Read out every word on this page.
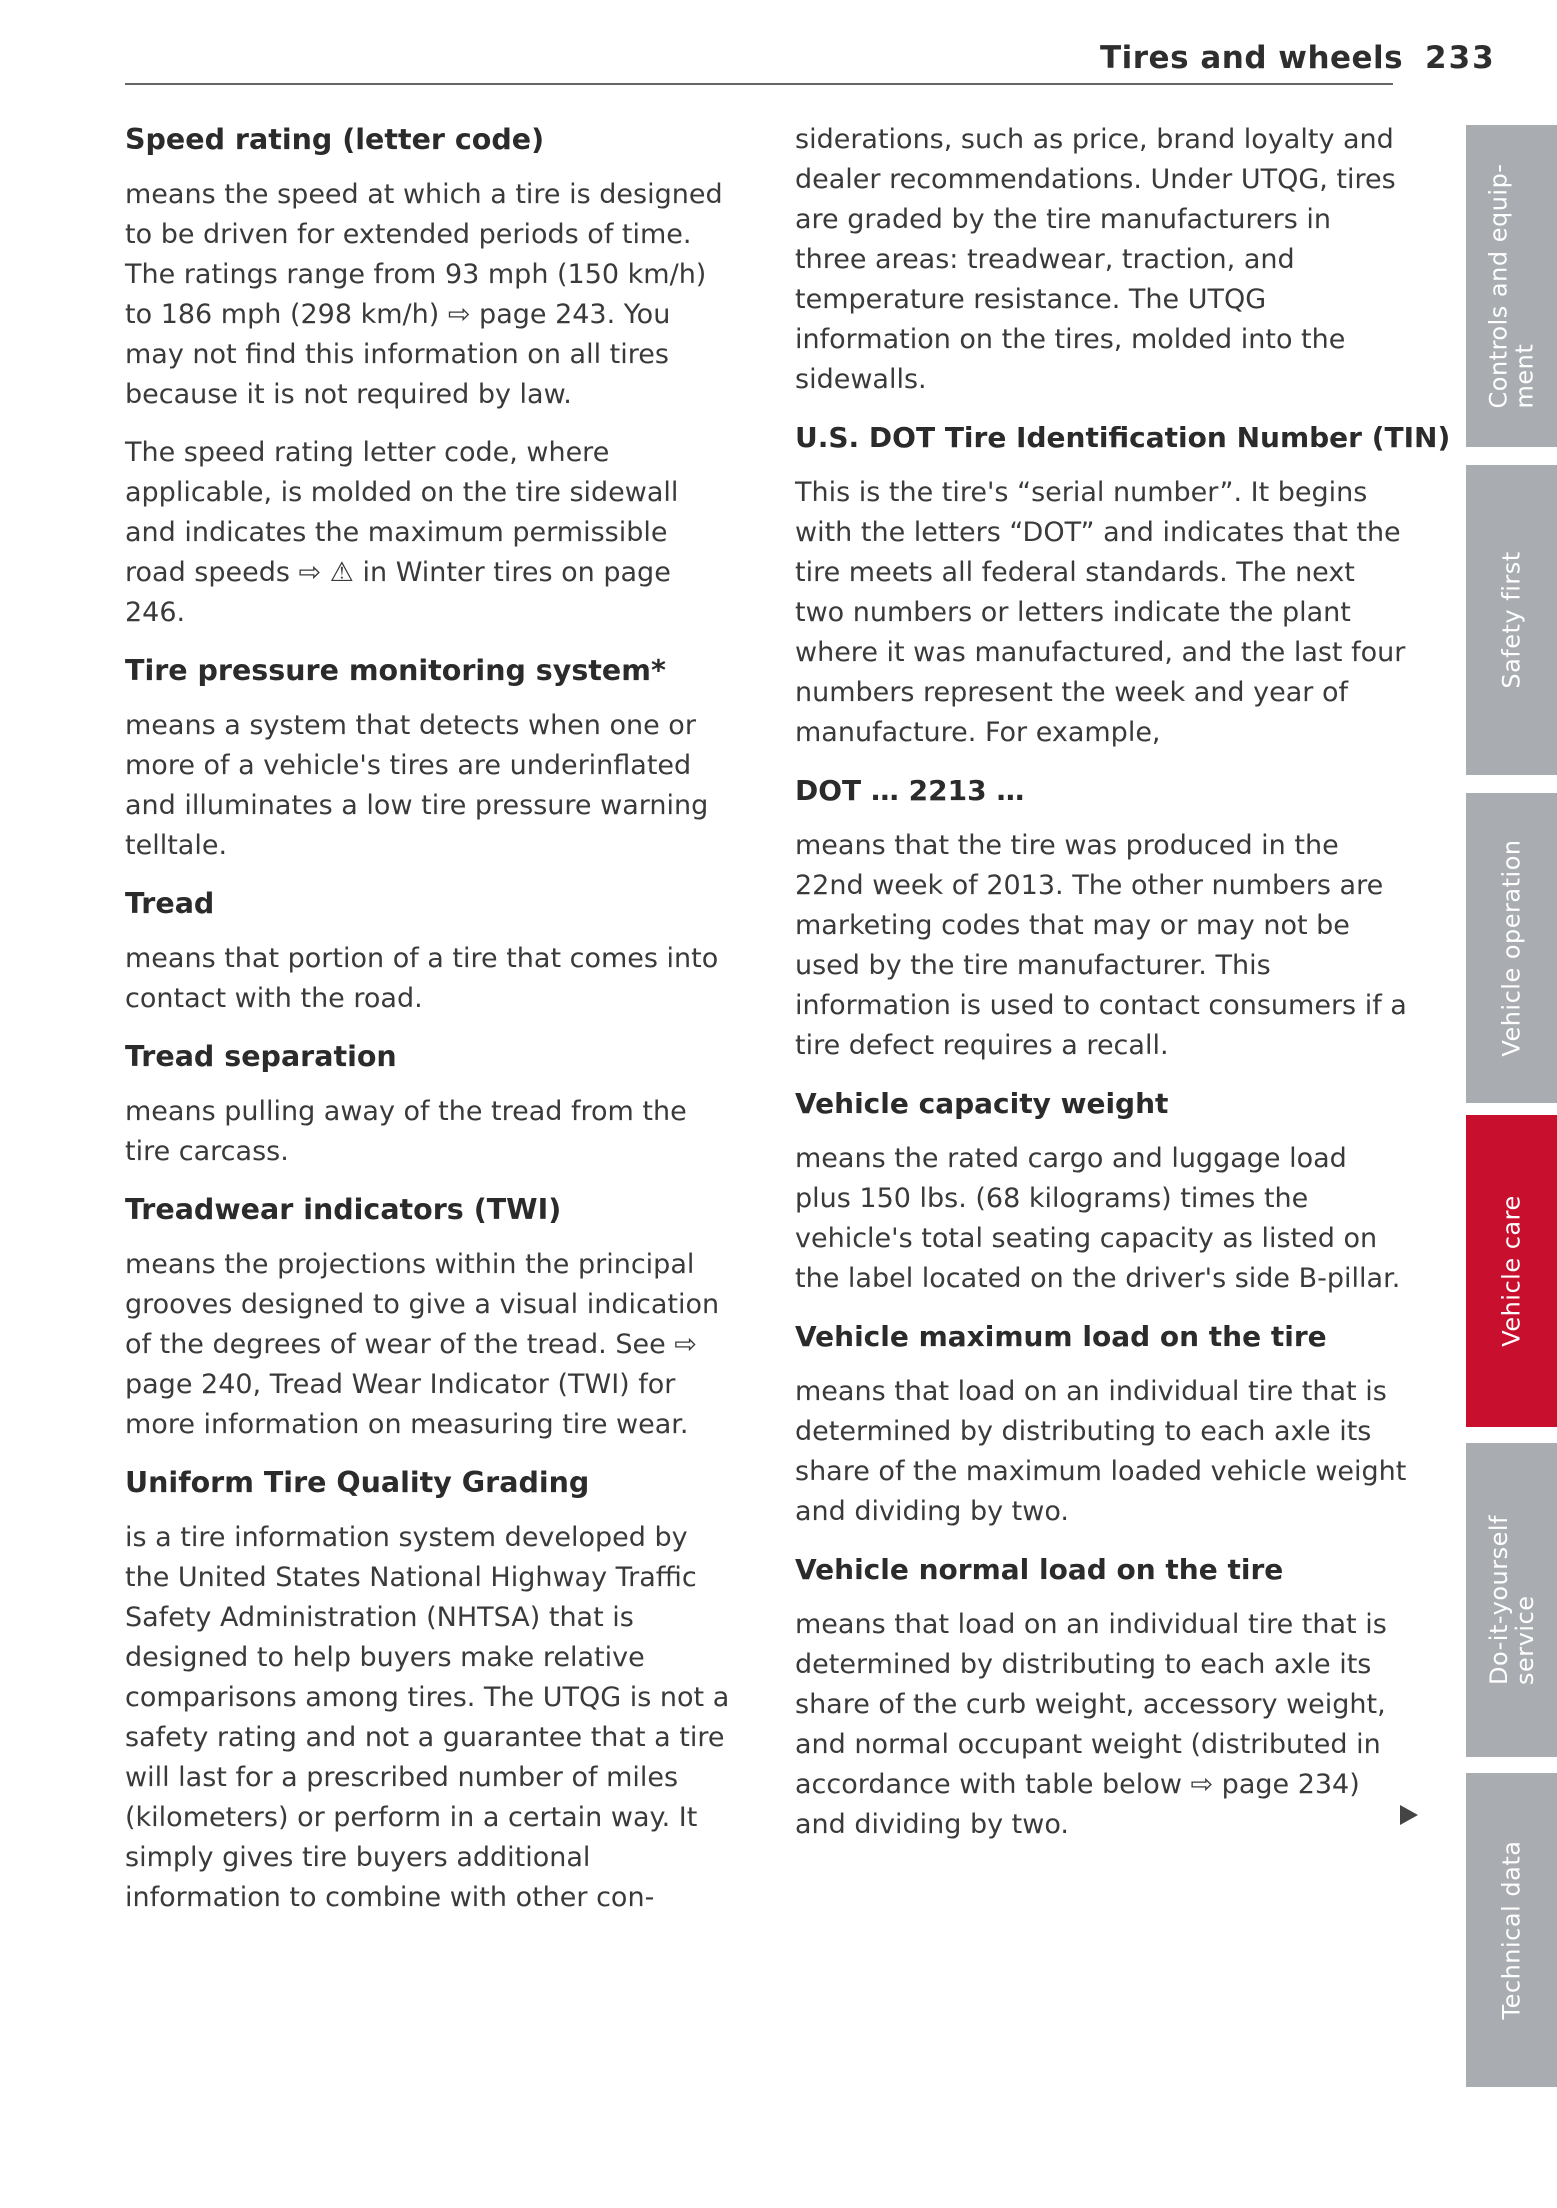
Tires and wheels 233
Speed rating (letter code)

means the speed at which a tire is designed to be driven for extended periods of time. The ratings range from 93 mph (150 km/h) to 186 mph (298 km/h) ⇨ page 243. You may not find this information on all tires because it is not required by law.

The speed rating letter code, where applicable, is molded on the tire sidewall and indicates the maximum permissible road speeds ⇨ ⚠ in Winter tires on page 246.

Tire pressure monitoring system*

means a system that detects when one or more of a vehicle's tires are underinflated and illuminates a low tire pressure warning telltale.

Tread

means that portion of a tire that comes into contact with the road.

Tread separation

means pulling away of the tread from the tire carcass.

Treadwear indicators (TWI)

means the projections within the principal grooves designed to give a visual indication of the degrees of wear of the tread. See ⇨ page 240, Tread Wear Indicator (TWI) for more information on measuring tire wear.

Uniform Tire Quality Grading

is a tire information system developed by the United States National Highway Traffic Safety Administration (NHTSA) that is designed to help buyers make relative comparisons among tires. The UTQG is not a safety rating and not a guarantee that a tire will last for a prescribed number of miles (kilometers) or perform in a certain way. It simply gives tire buyers additional information to combine with other con-

siderations, such as price, brand loyalty and dealer recommendations. Under UTQG, tires are graded by the tire manufacturers in three areas: treadwear, traction, and temperature resistance. The UTQG information on the tires, molded into the sidewalls.

U.S. DOT Tire Identification Number (TIN)

This is the tire's “serial number”. It begins with the letters “DOT” and indicates that the tire meets all federal standards. The next two numbers or letters indicate the plant where it was manufactured, and the last four numbers represent the week and year of manufacture. For example,

DOT … 2213 …

means that the tire was produced in the 22nd week of 2013. The other numbers are marketing codes that may or may not be used by the tire manufacturer. This information is used to contact consumers if a tire defect requires a recall.

Vehicle capacity weight

means the rated cargo and luggage load plus 150 lbs. (68 kilograms) times the vehicle's total seating capacity as listed on the label located on the driver's side B-pillar.

Vehicle maximum load on the tire

means that load on an individual tire that is determined by distributing to each axle its share of the maximum loaded vehicle weight and dividing by two.

Vehicle normal load on the tire

means that load on an individual tire that is determined by distributing to each axle its share of the curb weight, accessory weight, and normal occupant weight (distributed in accordance with table below ⇨ page 234) and dividing by two.

Controls and equip-
ment
Safety first
Vehicle operation
Vehicle care
Do-it-yourself
service
Technical data
